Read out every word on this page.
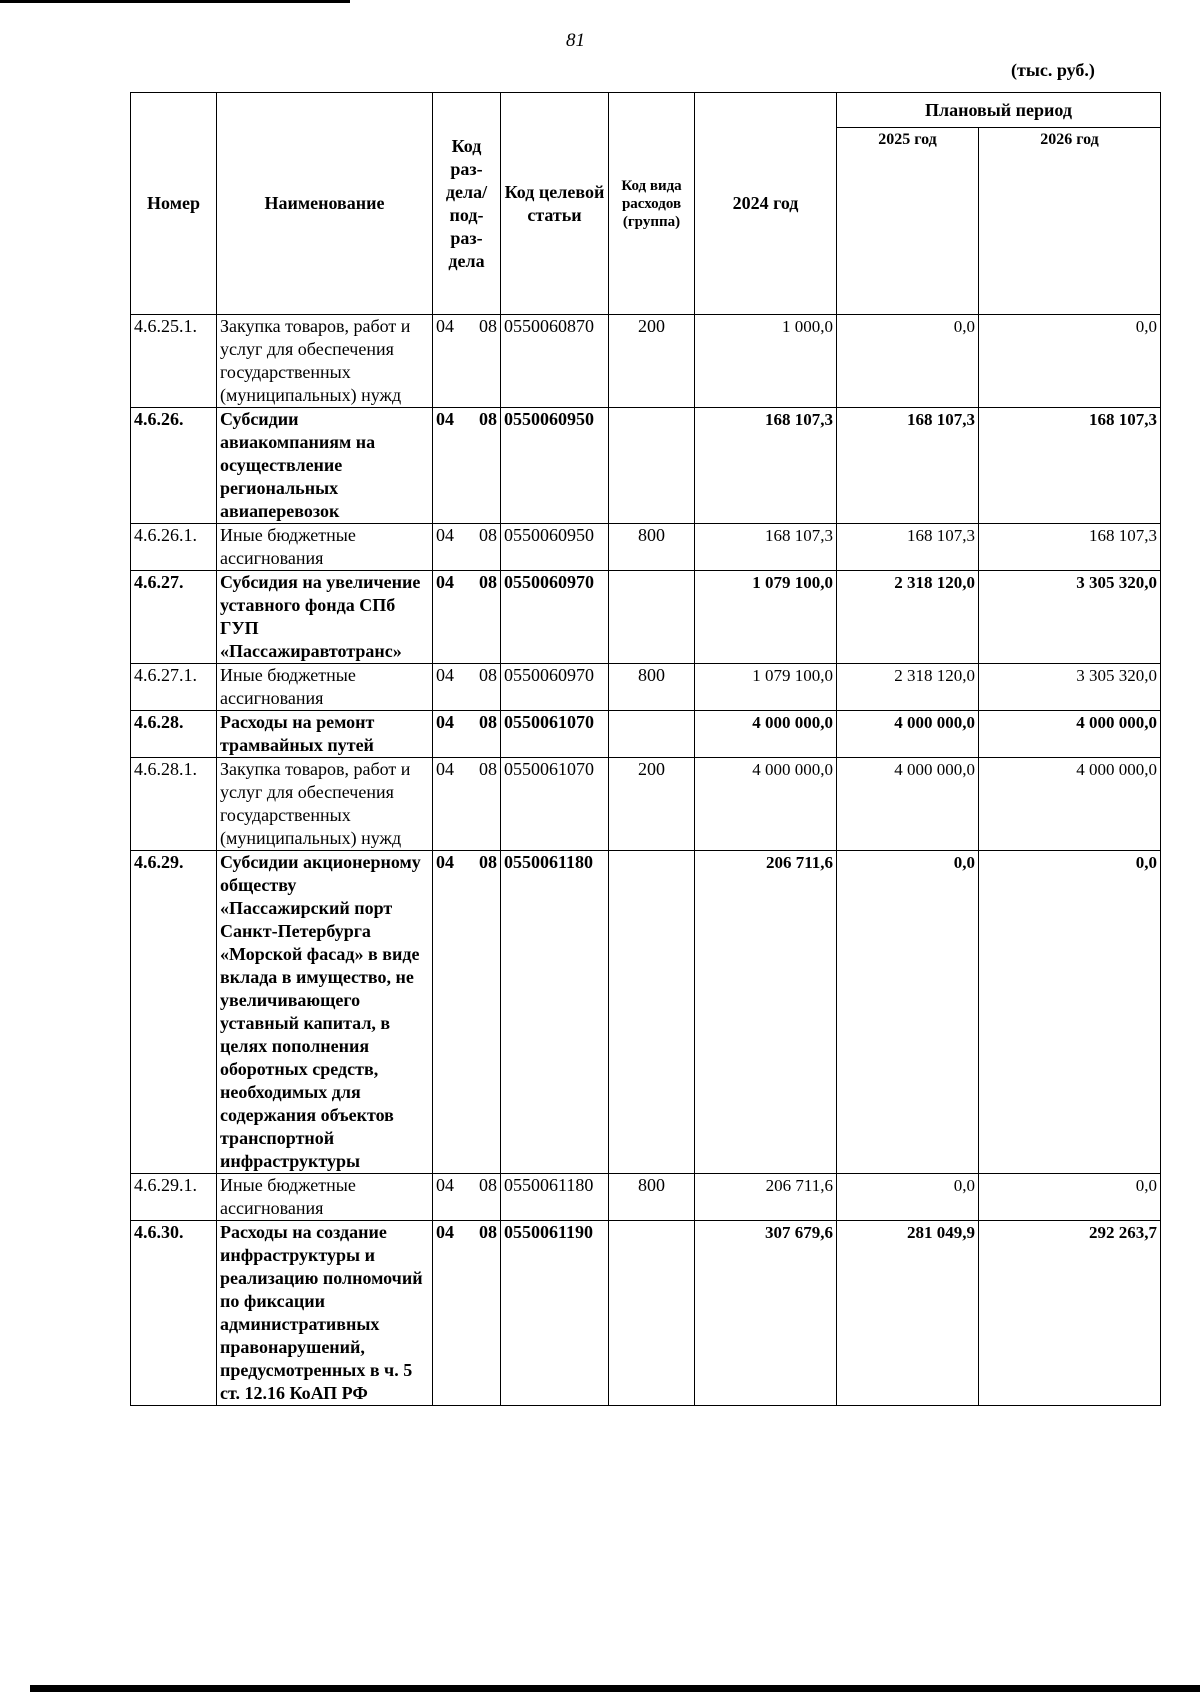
81
(тыс. руб.)
Номер	Наименование	Код раз-дела/ под-раз-дела	Код целевой статьи	Код вида расходов (группа)	2024 год	Плановый период	
						2025 год	2026 год
4.6.25.1.	Закупка товаров, работ и услуг для обеспечения государственных (муниципальных) нужд	04 08	0550060870	200	1 000,0	0,0	0,0
4.6.26.	Субсидии авиакомпаниям на осуществление региональных авиаперевозок	04 08	0550060950		168 107,3	168 107,3	168 107,3
4.6.26.1.	Иные бюджетные ассигнования	04 08	0550060950	800	168 107,3	168 107,3	168 107,3
4.6.27.	Субсидия на увеличение уставного фонда СПб ГУП «Пассажиравтотранс»	04 08	0550060970		1 079 100,0	2 318 120,0	3 305 320,0
4.6.27.1.	Иные бюджетные ассигнования	04 08	0550060970	800	1 079 100,0	2 318 120,0	3 305 320,0
4.6.28.	Расходы на ремонт трамвайных путей	04 08	0550061070		4 000 000,0	4 000 000,0	4 000 000,0
4.6.28.1.	Закупка товаров, работ и услуг для обеспечения государственных (муниципальных) нужд	04 08	0550061070	200	4 000 000,0	4 000 000,0	4 000 000,0
4.6.29.	Субсидии акционерному обществу «Пассажирский порт Санкт-Петербурга «Морской фасад» в виде вклада в имущество, не увеличивающего уставный капитал, в целях пополнения оборотных средств, необходимых для содержания объектов транспортной инфраструктуры	04 08	0550061180		206 711,6	0,0	0,0
4.6.29.1.	Иные бюджетные ассигнования	04 08	0550061180	800	206 711,6	0,0	0,0
4.6.30.	Расходы на создание инфраструктуры и реализацию полномочий по фиксации административных правонарушений, предусмотренных в ч. 5 ст. 12.16 КоАП РФ	04 08	0550061190		307 679,6	281 049,9	292 263,7
